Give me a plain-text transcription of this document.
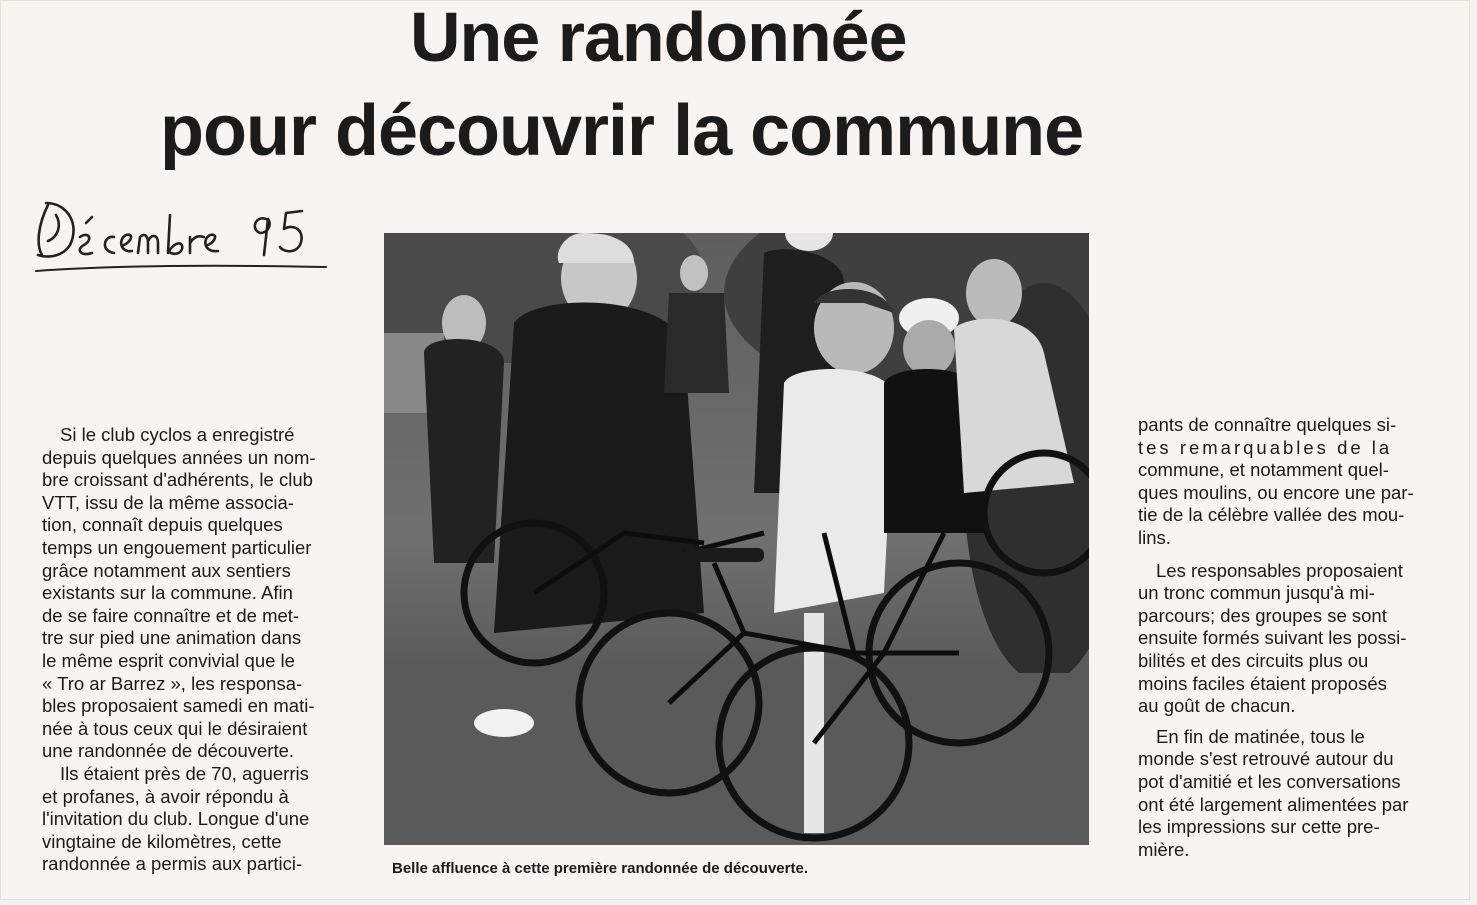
Une randonnée
pour découvrir la commune
Belle affluence à cette première randonnée de découverte.
Si le club cyclos a enregistré
depuis quelques années un nom-
bre croissant d'adhérents, le club
VTT, issu de la même associa-
tion, connaît depuis quelques
temps un engouement particulier
grâce notamment aux sentiers
existants sur la commune. Afin
de se faire connaître et de met-
tre sur pied une animation dans
le même esprit convivial que le
« Tro ar Barrez », les responsa-
bles proposaient samedi en mati-
née à tous ceux qui le désiraient
une randonnée de découverte.
Ils étaient près de 70, aguerris
et profanes, à avoir répondu à
l'invitation du club. Longue d'une
vingtaine de kilomètres, cette
randonnée a permis aux partici-
pants de connaître quelques si-
tes remarquables de la
commune, et notamment quel-
ques moulins, ou encore une par-
tie de la célèbre vallée des mou-
lins.
Les responsables proposaient
un tronc commun jusqu'à mi-
parcours; des groupes se sont
ensuite formés suivant les possi-
bilités et des circuits plus ou
moins faciles étaient proposés
au goût de chacun.
En fin de matinée, tous le
monde s'est retrouvé autour du
pot d'amitié et les conversations
ont été largement alimentées par
les impressions sur cette pre-
mière.
